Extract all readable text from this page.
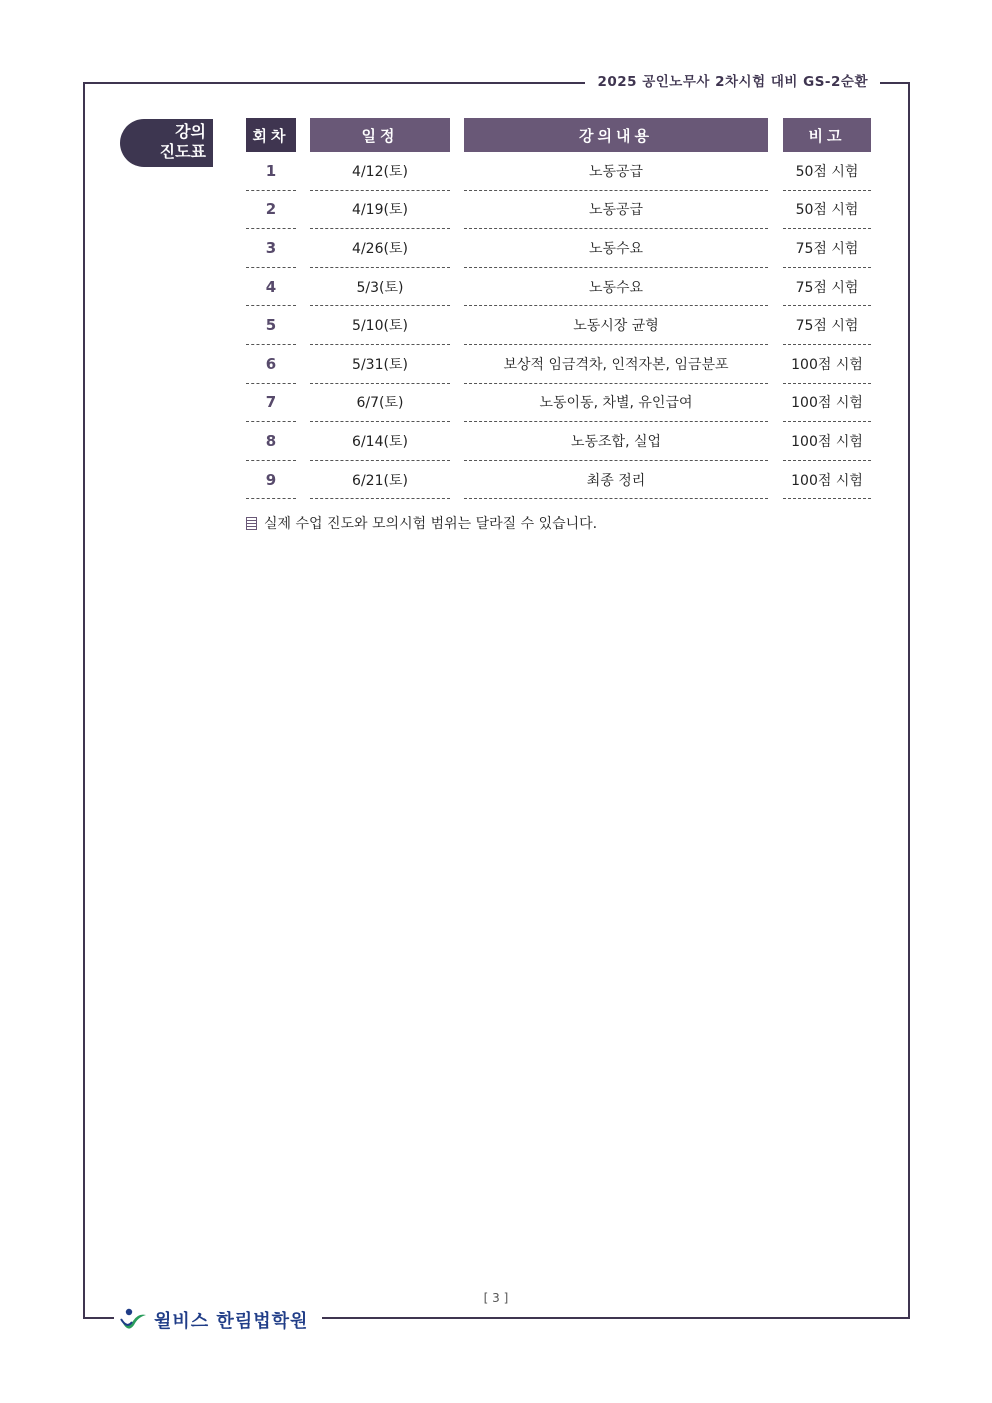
2025 공인노무사 2차시험 대비 GS-2순환
강의
진도표
회차	일정	강의내용	비고
1	4/12(토)	노동공급	50점 시험
2	4/19(토)	노동공급	50점 시험
3	4/26(토)	노동수요	75점 시험
4	5/3(토)	노동수요	75점 시험
5	5/10(토)	노동시장 균형	75점 시험
6	5/31(토)	보상적 임금격차, 인적자본, 임금분포	100점 시험
7	6/7(토)	노동이동, 차별, 유인급여	100점 시험
8	6/14(토)	노동조합, 실업	100점 시험
9	6/21(토)	최종 정리	100점 시험
실제 수업 진도와 모의시험 범위는 달라질 수 있습니다.
[ 3 ]
윌비스 한림법학원
